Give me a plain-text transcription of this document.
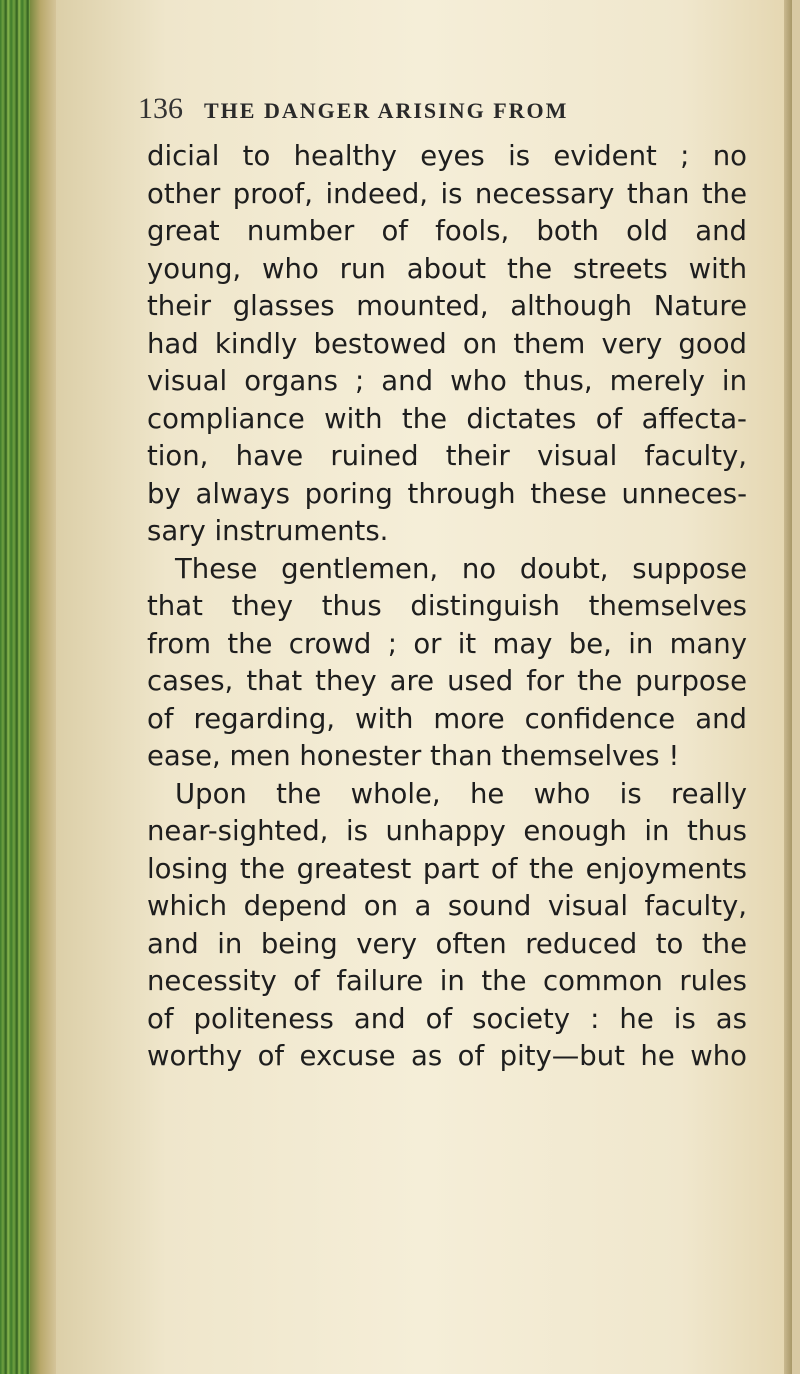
136 THE DANGER ARISING FROM
dicial to healthy eyes is evident ; no
other proof, indeed, is necessary than the
great number of fools, both old and
young, who run about the streets with
their glasses mounted, although Nature
had kindly bestowed on them very good
visual organs ; and who thus, merely in
compliance with the dictates of affecta-
tion, have ruined their visual faculty,
by always poring through these unneces-
sary instruments.
These gentlemen, no doubt, suppose
that they thus distinguish themselves
from the crowd ; or it may be, in many
cases, that they are used for the purpose
of regarding, with more confidence and
ease, men honester than themselves !
Upon the whole, he who is really
near-sighted, is unhappy enough in thus
losing the greatest part of the enjoyments
which depend on a sound visual faculty,
and in being very often reduced to the
necessity of failure in the common rules
of politeness and of society : he is as
worthy of excuse as of pity—but he who
